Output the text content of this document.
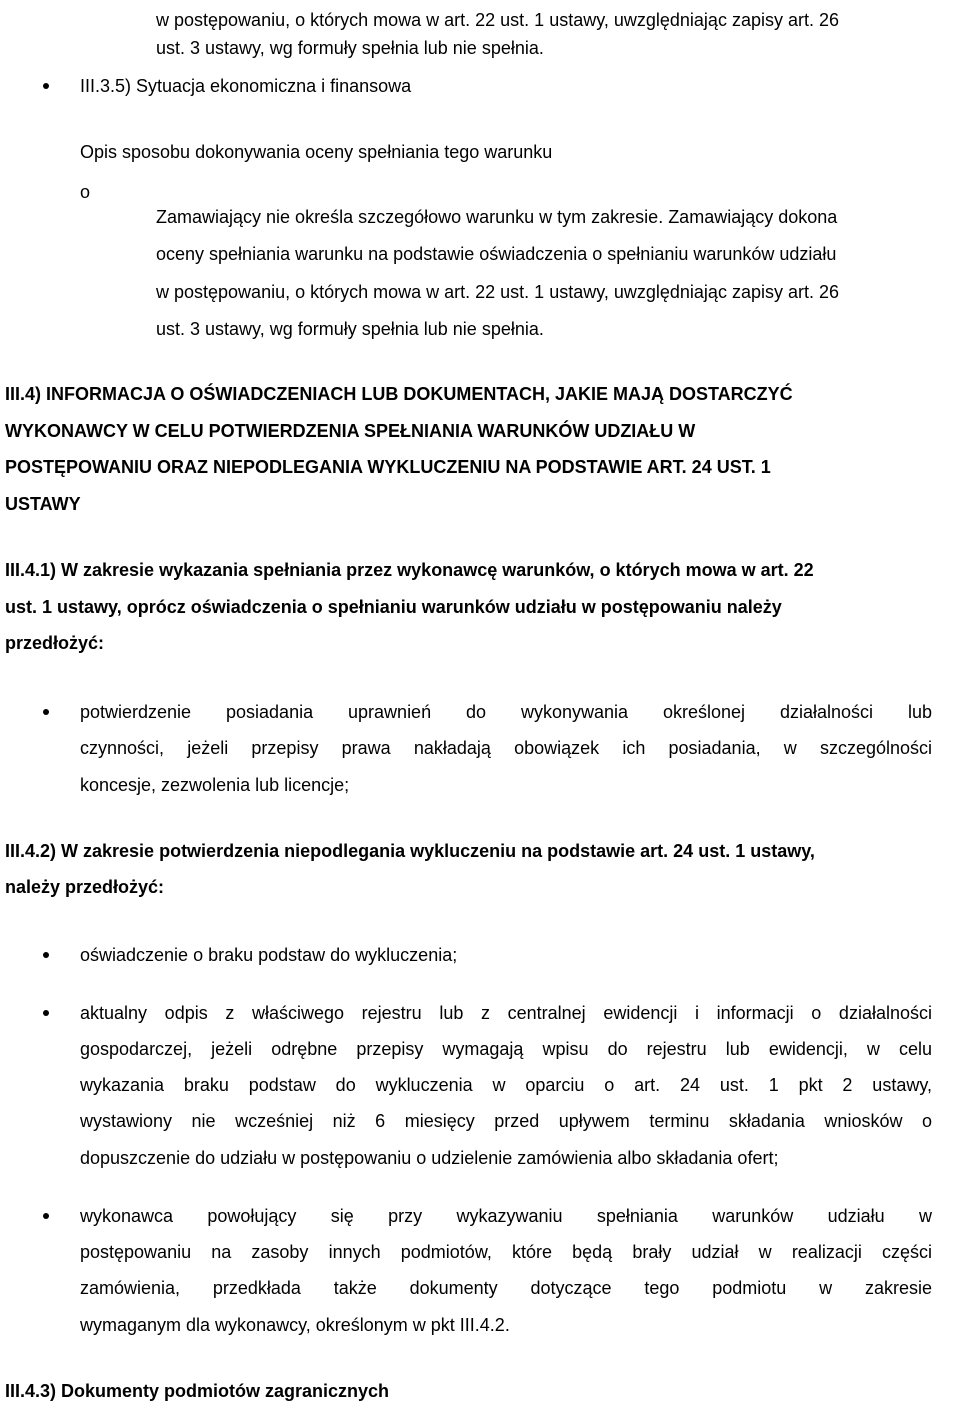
w postępowaniu, o których mowa w art. 22 ust. 1 ustawy, uwzględniając zapisy art. 26
ust. 3 ustawy, wg formuły spełnia lub nie spełnia.
III.3.5) Sytuacja ekonomiczna i finansowa
Opis sposobu dokonywania oceny spełniania tego warunku
o
Zamawiający nie określa szczegółowo warunku w tym zakresie. Zamawiający dokona
oceny spełniania warunku na podstawie oświadczenia o spełnianiu warunków udziału
w postępowaniu, o których mowa w art. 22 ust. 1 ustawy, uwzględniając zapisy art. 26
ust. 3 ustawy, wg formuły spełnia lub nie spełnia.
III.4) INFORMACJA O OŚWIADCZENIACH LUB DOKUMENTACH, JAKIE MAJĄ DOSTARCZYĆ
WYKONAWCY W CELU POTWIERDZENIA SPEŁNIANIA WARUNKÓW UDZIAŁU W
POSTĘPOWANIU ORAZ NIEPODLEGANIA WYKLUCZENIU NA PODSTAWIE ART. 24 UST. 1
USTAWY
III.4.1) W zakresie wykazania spełniania przez wykonawcę warunków, o których mowa w art. 22
ust. 1 ustawy, oprócz oświadczenia o spełnianiu warunków udziału w postępowaniu należy
przedłożyć:
potwierdzenie posiadania uprawnień do wykonywania określonej działalności lub
czynności, jeżeli przepisy prawa nakładają obowiązek ich posiadania, w szczególności
koncesje, zezwolenia lub licencje;
III.4.2) W zakresie potwierdzenia niepodlegania wykluczeniu na podstawie art. 24 ust. 1 ustawy,
należy przedłożyć:
oświadczenie o braku podstaw do wykluczenia;
aktualny odpis z właściwego rejestru lub z centralnej ewidencji i informacji o działalności
gospodarczej, jeżeli odrębne przepisy wymagają wpisu do rejestru lub ewidencji, w celu
wykazania braku podstaw do wykluczenia w oparciu o art. 24 ust. 1 pkt 2 ustawy,
wystawiony nie wcześniej niż 6 miesięcy przed upływem terminu składania wniosków o
dopuszczenie do udziału w postępowaniu o udzielenie zamówienia albo składania ofert;
wykonawca powołujący się przy wykazywaniu spełniania warunków udziału w
postępowaniu na zasoby innych podmiotów, które będą brały udział w realizacji części
zamówienia, przedkłada także dokumenty dotyczące tego podmiotu w zakresie
wymaganym dla wykonawcy, określonym w pkt III.4.2.
III.4.3) Dokumenty podmiotów zagranicznych
